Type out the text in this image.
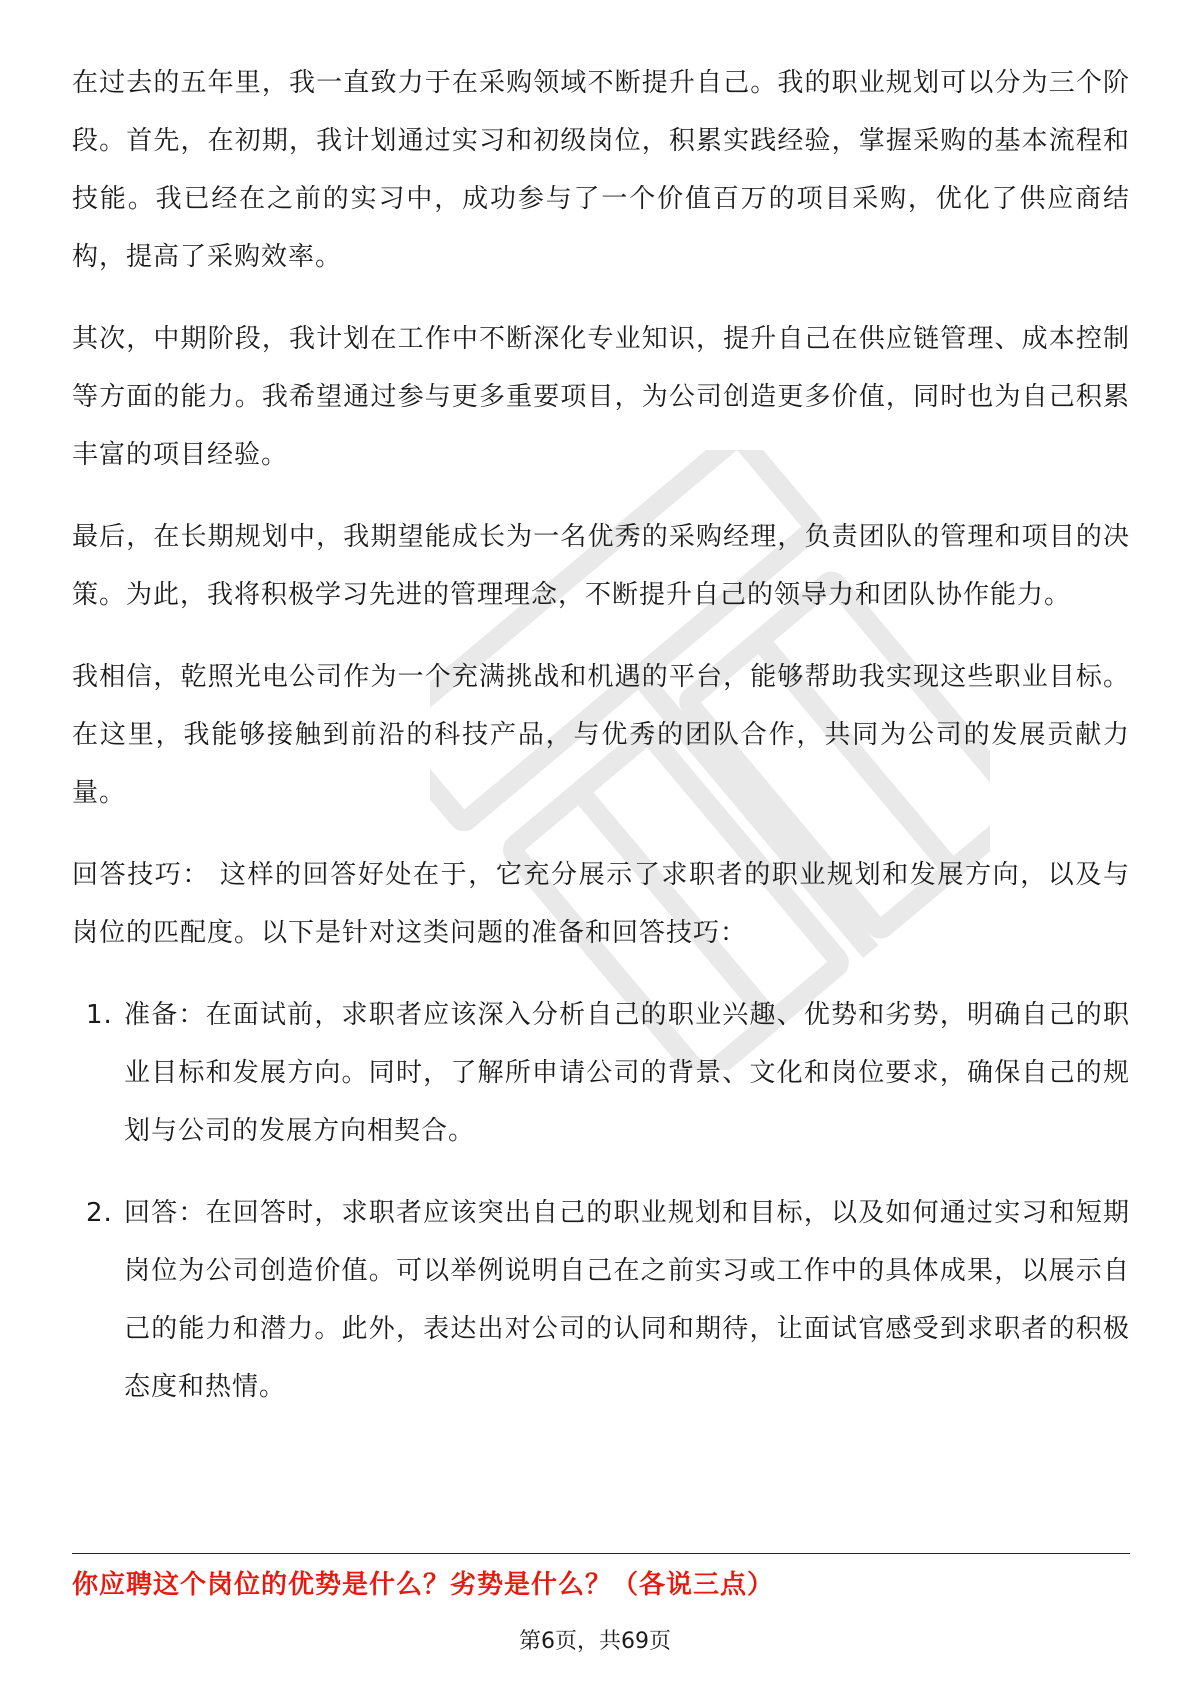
在过去的五年里，我一直致力于在采购领域不断提升自己。我的职业规划可以分为三个阶段。首先，在初期，我计划通过实习和初级岗位，积累实践经验，掌握采购的基本流程和技能。我已经在之前的实习中，成功参与了一个价值百万的项目采购，优化了供应商结构，提高了采购效率。

其次，中期阶段，我计划在工作中不断深化专业知识，提升自己在供应链管理、成本控制等方面的能力。我希望通过参与更多重要项目，为公司创造更多价值，同时也为自己积累丰富的项目经验。

最后，在长期规划中，我期望能成长为一名优秀的采购经理，负责团队的管理和项目的决策。为此，我将积极学习先进的管理理念，不断提升自己的领导力和团队协作能力。

我相信，乾照光电公司作为一个充满挑战和机遇的平台，能够帮助我实现这些职业目标。在这里，我能够接触到前沿的科技产品，与优秀的团队合作，共同为公司的发展贡献力量。

回答技巧： 这样的回答好处在于，它充分展示了求职者的职业规划和发展方向，以及与岗位的匹配度。以下是针对这类问题的准备和回答技巧：

1. 准备：在面试前，求职者应该深入分析自己的职业兴趣、优势和劣势，明确自己的职业目标和发展方向。同时，了解所申请公司的背景、文化和岗位要求，确保自己的规划与公司的发展方向相契合。
2. 回答：在回答时，求职者应该突出自己的职业规划和目标，以及如何通过实习和短期岗位为公司创造价值。可以举例说明自己在之前实习或工作中的具体成果，以展示自己的能力和潜力。此外，表达出对公司的认同和期待，让面试官感受到求职者的积极态度和热情。
你应聘这个岗位的优势是什么？劣势是什么？（各说三点）
第6页，共69页
